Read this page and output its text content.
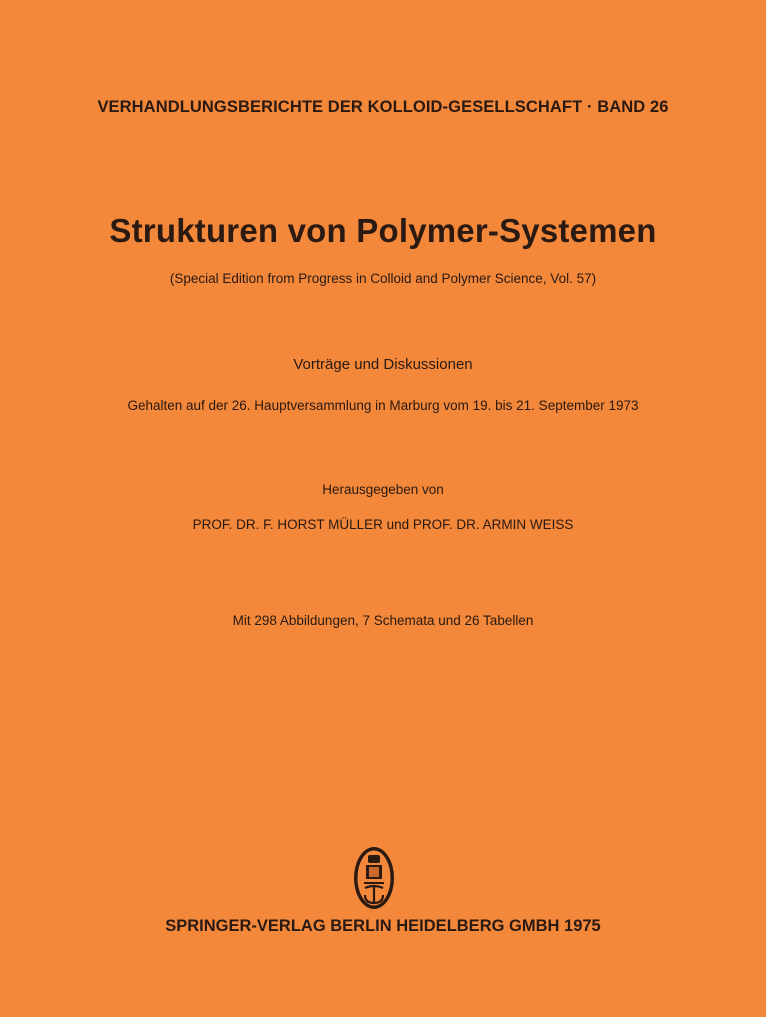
VERHANDLUNGSBERICHTE DER KOLLOID-GESELLSCHAFT · BAND 26
Strukturen von Polymer-Systemen
(Special Edition from Progress in Colloid and Polymer Science, Vol. 57)
Vorträge und Diskussionen
Gehalten auf der 26. Hauptversammlung in Marburg vom 19. bis 21. September 1973
Herausgegeben von
PROF. DR. F. HORST MÜLLER und PROF. DR. ARMIN WEISS
Mit 298 Abbildungen, 7 Schemata und 26 Tabellen
SPRINGER-VERLAG BERLIN HEIDELBERG GMBH 1975
